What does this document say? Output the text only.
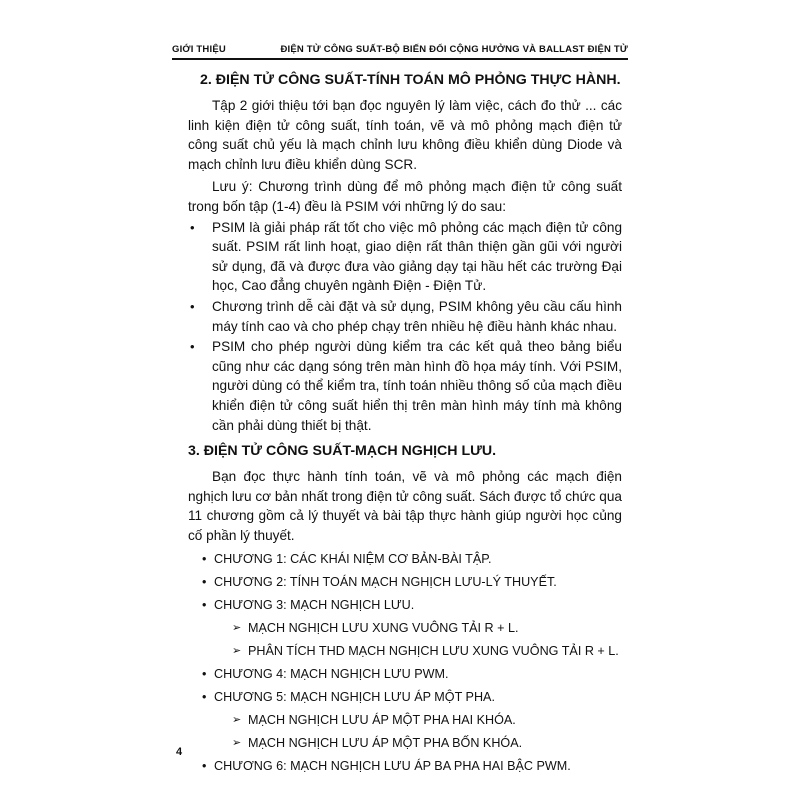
GIỚI THIỆU	ĐIỆN TỬ CÔNG SUẤT-BỘ BIẾN ĐỔI CỘNG HƯỞNG VÀ BALLAST ĐIỆN TỬ
2. ĐIỆN TỬ CÔNG SUẤT-TÍNH TOÁN MÔ PHỎNG THỰC HÀNH.

Tập 2 giới thiệu tới bạn đọc nguyên lý làm việc, cách đo thử ... các linh kiện điện tử công suất, tính toán, vẽ và mô phỏng mạch điện tử công suất chủ yếu là mạch chỉnh lưu không điều khiển dùng Diode và mạch chỉnh lưu điều khiển dùng SCR.

Lưu ý: Chương trình dùng để mô phỏng mạch điện tử công suất trong bốn tập (1-4) đều là PSIM với những lý do sau:

• PSIM là giải pháp rất tốt cho việc mô phỏng các mạch điện tử công suất. PSIM rất linh hoạt, giao diện rất thân thiện gần gũi với người sử dụng, đã và được đưa vào giảng dạy tại hầu hết các trường Đại học, Cao đẳng chuyên ngành Điện - Điện Tử.
• Chương trình dễ cài đặt và sử dụng, PSIM không yêu cầu cấu hình máy tính cao và cho phép chạy trên nhiều hệ điều hành khác nhau.
• PSIM cho phép người dùng kiểm tra các kết quả theo bảng biểu cũng như các dạng sóng trên màn hình đồ họa máy tính. Với PSIM, người dùng có thể kiểm tra, tính toán nhiều thông số của mạch điều khiển điện tử công suất hiển thị trên màn hình máy tính mà không cần phải dùng thiết bị thật.
3. ĐIỆN TỬ CÔNG SUẤT-MẠCH NGHỊCH LƯU.

Bạn đọc thực hành tính toán, vẽ và mô phỏng các mạch điện nghịch lưu cơ bản nhất trong điện tử công suất. Sách được tổ chức qua 11 chương gồm cả lý thuyết và bài tập thực hành giúp người học củng cố phần lý thuyết.

• CHƯƠNG 1: CÁC KHÁI NIỆM CƠ BẢN-BÀI TẬP.
• CHƯƠNG 2: TÍNH TOÁN MẠCH NGHỊCH LƯU-LÝ THUYẾT.
• CHƯƠNG 3: MẠCH NGHỊCH LƯU.
➢ MẠCH NGHỊCH LƯU XUNG VUÔNG TẢI R + L.
➢ PHÂN TÍCH THD MẠCH NGHỊCH LƯU XUNG VUÔNG TẢI R + L.
• CHƯƠNG 4: MẠCH NGHỊCH LƯU PWM.
• CHƯƠNG 5: MẠCH NGHỊCH LƯU ÁP MỘT PHA.
➢ MẠCH NGHỊCH LƯU ÁP MỘT PHA HAI KHÓA.
➢ MẠCH NGHỊCH LƯU ÁP MỘT PHA BỐN KHÓA.
• CHƯƠNG 6: MẠCH NGHỊCH LƯU ÁP BA PHA HAI BẬC PWM.
4
